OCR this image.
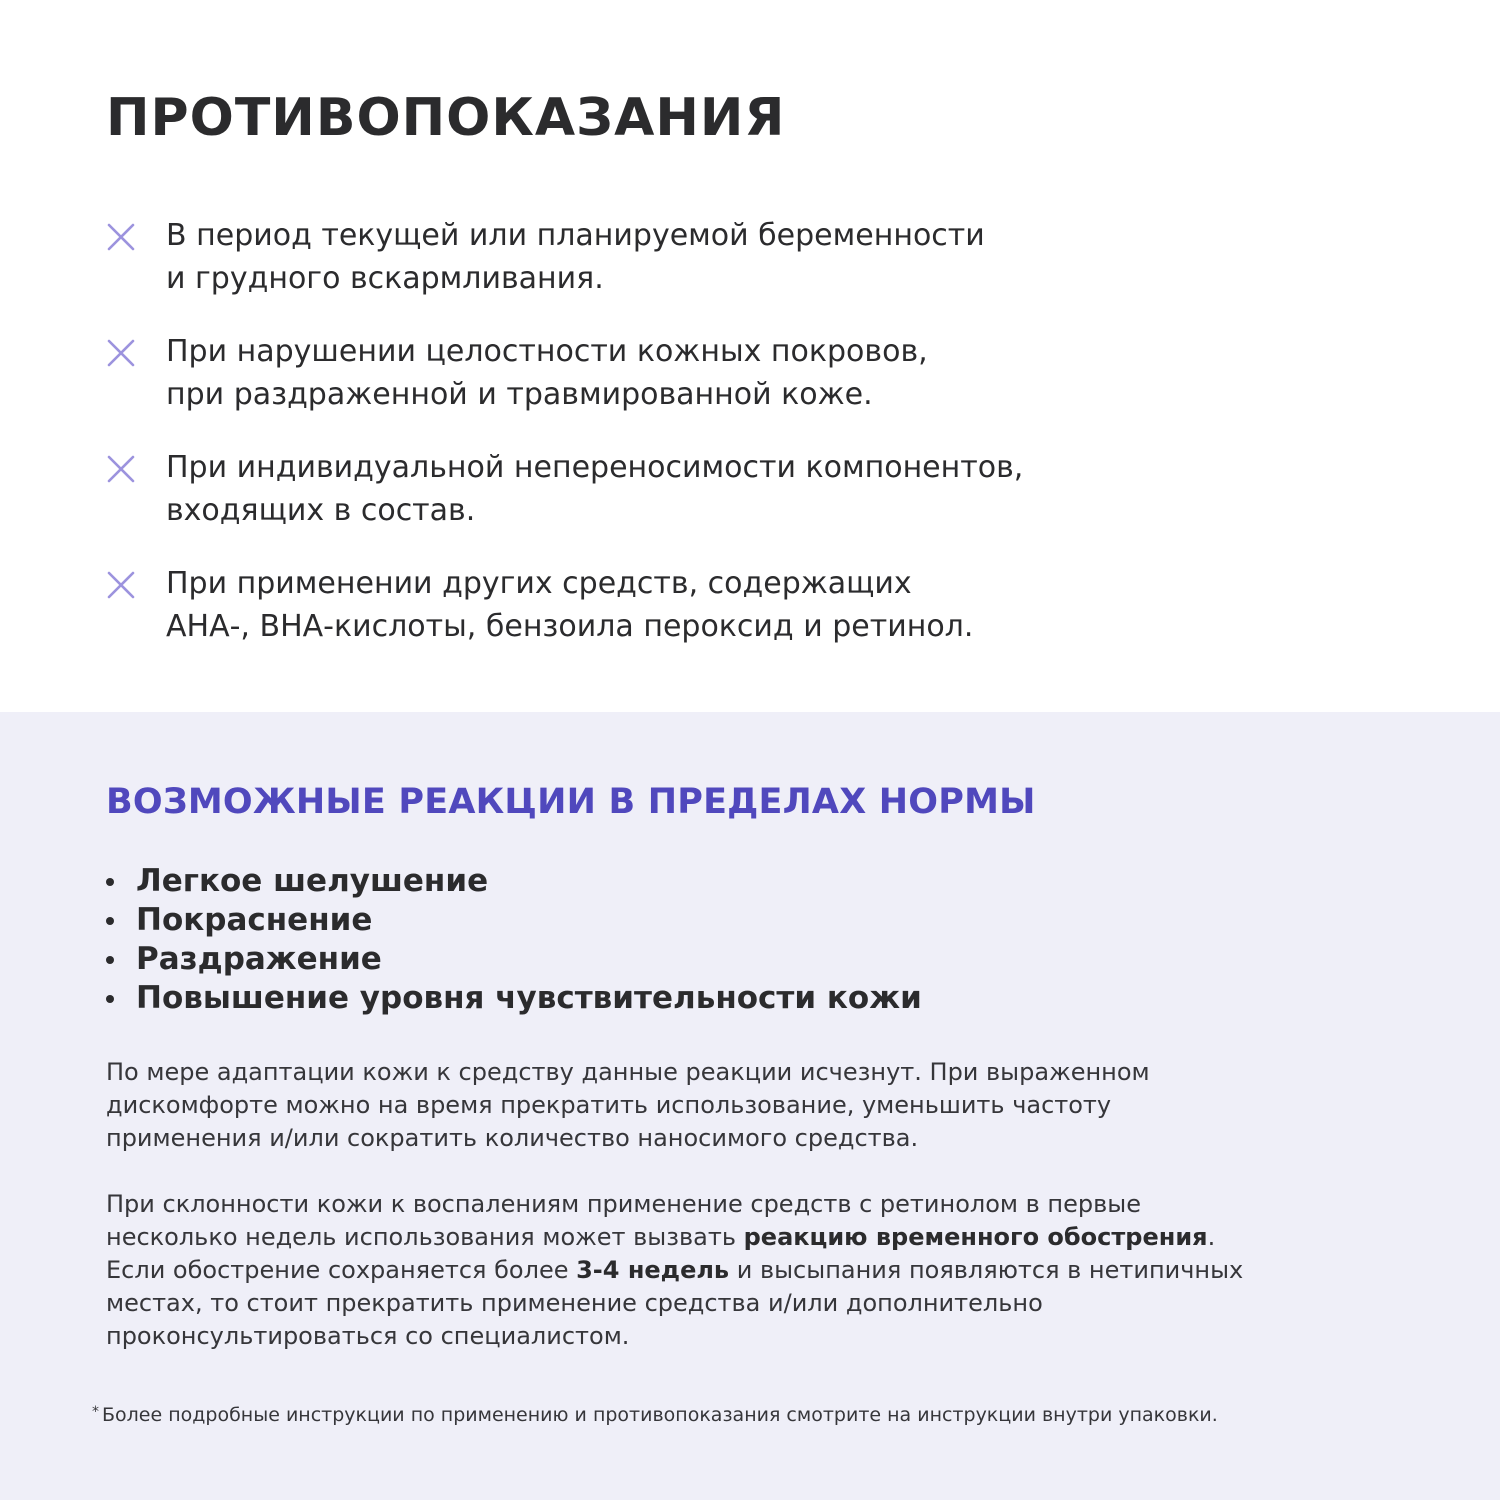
ПРОТИВОПОКАЗАНИЯ

В период текущей или планируемой беременности
и грудного вскармливания.

При нарушении целостности кожных покровов,
при раздраженной и травмированной коже.

При индивидуальной непереносимости компонентов,
входящих в состав.

При применении других средств, содержащих
АНА-, ВНА-кислоты, бензоила пероксид и ретинол.

ВОЗМОЖНЫЕ РЕАКЦИИ В ПРЕДЕЛАХ НОРМЫ
Легкое шелушение
Покраснение
Раздражение
Повышение уровня чувствительности кожи

По мере адаптации кожи к средству данные реакции исчезнут. При выраженном
дискомфорте можно на время прекратить использование, уменьшить частоту
применения и/или сократить количество наносимого средства.

При склонности кожи к воспалениям применение средств с ретинолом в первые
несколько недель использования может вызвать реакцию временного обострения.
Если обострение сохраняется более 3-4 недель и высыпания появляются в нетипичных
местах, то стоит прекратить применение средства и/или дополнительно
проконсультироваться со специалистом.

* Более подробные инструкции по применению и противопоказания смотрите на инструкции внутри упаковки.
